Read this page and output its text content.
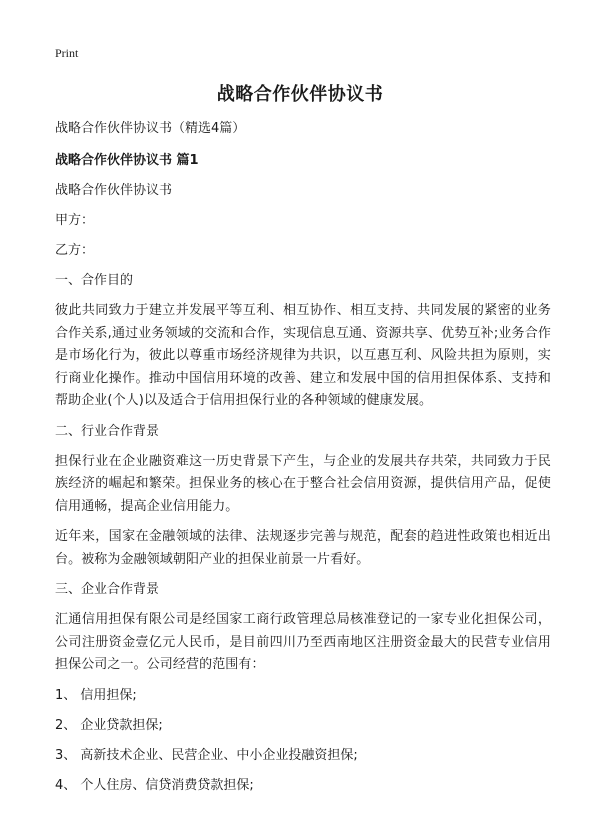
Print
战略合作伙伴协议书

战略合作伙伴协议书（精选4篇）

战略合作伙伴协议书 篇1

战略合作伙伴协议书

甲方：

乙方：

一、合作目的

彼此共同致力于建立并发展平等互利、相互协作、相互支持、共同发展的紧密的业务合作关系,通过业务领域的交流和合作，实现信息互通、资源共享、优势互补;业务合作是市场化行为，彼此以尊重市场经济规律为共识，以互惠互利、风险共担为原则，实行商业化操作。推动中国信用环境的改善、建立和发展中国的信用担保体系、支持和帮助企业(个人)以及适合于信用担保行业的各种领域的健康发展。

二、行业合作背景

担保行业在企业融资难这一历史背景下产生，与企业的发展共存共荣，共同致力于民族经济的崛起和繁荣。担保业务的核心在于整合社会信用资源，提供信用产品，促使信用通畅，提高企业信用能力。

近年来，国家在金融领域的法律、法规逐步完善与规范，配套的趋进性政策也相近出台。被称为金融领域朝阳产业的担保业前景一片看好。

三、企业合作背景

汇通信用担保有限公司是经国家工商行政管理总局核准登记的一家专业化担保公司，公司注册资金壹亿元人民币，是目前四川乃至西南地区注册资金最大的民营专业信用担保公司之一。公司经营的范围有：

1、 信用担保;

2、 企业贷款担保;

3、 高新技术企业、民营企业、中小企业投融资担保;

4、 个人住房、信贷消费贷款担保;
